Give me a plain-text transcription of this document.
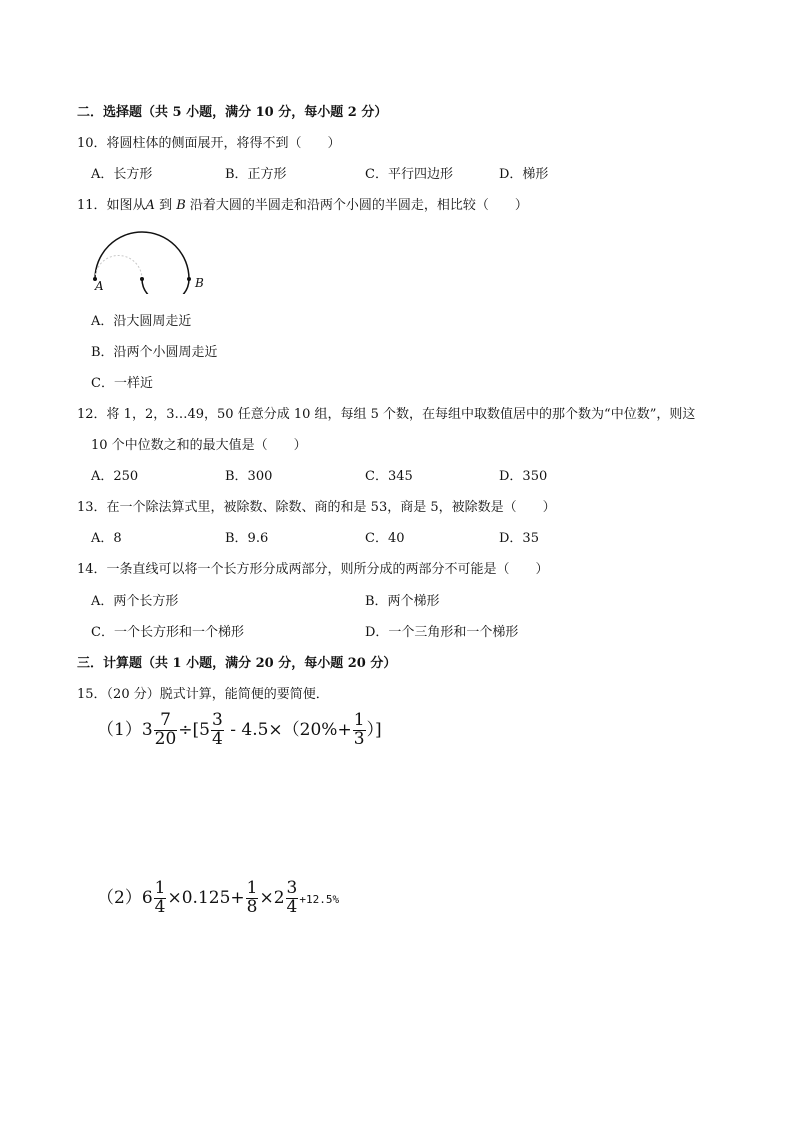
二．选择题（共 5 小题，满分 10 分，每小题 2 分）
10．将圆柱体的侧面展开，将得不到（　　）
A．长方形	B．正方形	C．平行四边形	D．梯形
11．如图从A 到 B 沿着大圆的半圆走和沿两个小圆的半圆走，相比较（　　）
A	B
A．沿大圆周走近
B．沿两个小圆周走近
C．一样近
12．将 1，2，3…49，50 任意分成 10 组，每组 5 个数，在每组中取数值居中的那个数为“中位数”，则这
10 个中位数之和的最大值是（　　）
A．250	B．300	C．345	D．350
13．在一个除法算式里，被除数、除数、商的和是 53，商是 5，被除数是（　　）
A．8	B．9.6	C．40	D．35
14．一条直线可以将一个长方形分成两部分，则所分成的两部分不可能是（　　）
A．两个长方形	B．两个梯形
C．一个长方形和一个梯形	D．一个三角形和一个梯形
三．计算题（共 1 小题，满分 20 分，每小题 20 分）
15．（20 分）脱式计算，能简便的要简便．
$(1)3 \frac{7}{20} \div[5 \frac{3}{4} - 4.5\times(20\%+ \frac{1}{3}$ ）]
$(2)6 \frac{1}{4} \times 0.125+ \frac{1}{8} \times 2 \frac{3}{4} +12.5\%$
